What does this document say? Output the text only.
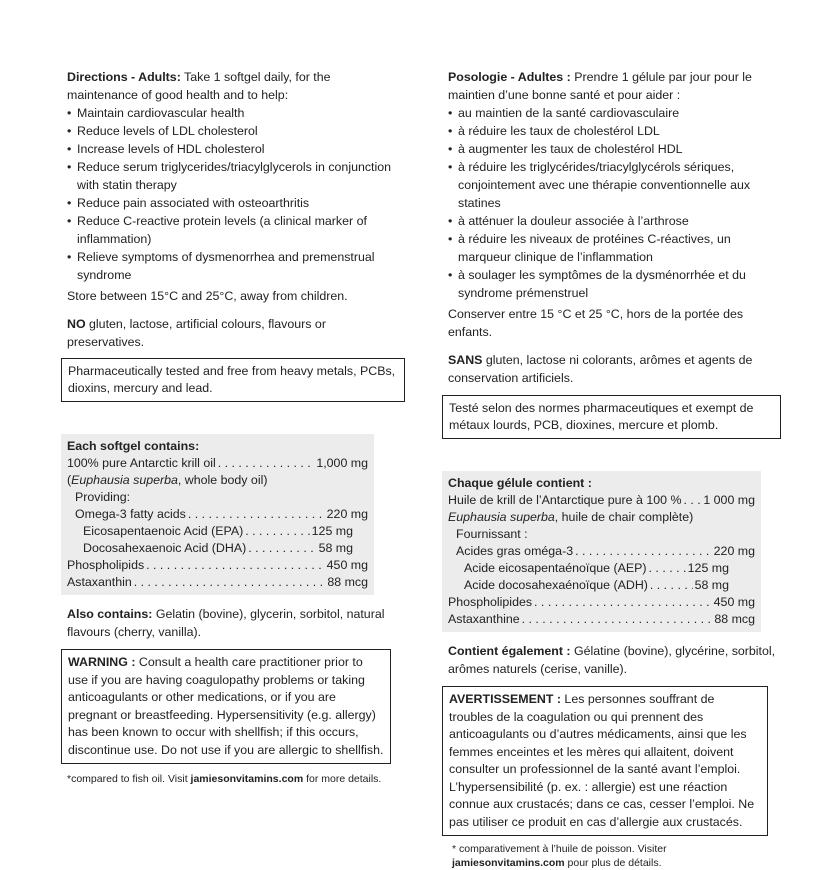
Directions - Adults: Take 1 softgel daily, for the maintenance of good health and to help:

• Maintain cardiovascular health
• Reduce levels of LDL cholesterol
• Increase levels of HDL cholesterol
• Reduce serum triglycerides/triacylglycerols in conjunction with statin therapy
• Reduce pain associated with osteoarthritis
• Reduce C-reactive protein levels (a clinical marker of inflammation)
• Relieve symptoms of dysmenorrhea and premenstrual syndrome

Store between 15°C and 25°C, away from children.

NO gluten, lactose, artificial colours, flavours or preservatives.

Pharmaceutically tested and free from heavy metals, PCBs, dioxins, mercury and lead.
Each softgel contains:
100% pure Antarctic krill oil . . .	1,000 mg
(Euphausia superba, whole body oil)
Providing:
Omega-3 fatty acids . . .	220 mg
Eicosapentaenoic Acid (EPA) . . .	125 mg
Docosahexaenoic Acid (DHA) . . .	58 mg
Phospholipids . . .	450 mg
Astaxanthin . . .	88 mcg

Also contains: Gelatin (bovine), glycerin, sorbitol, natural flavours (cherry, vanilla).

WARNING : Consult a health care practitioner prior to use if you are having coagulopathy problems or taking anticoagulants or other medications, or if you are pregnant or breastfeeding. Hypersensitivity (e.g. allergy) has been known to occur with shellfish; if this occurs, discontinue use. Do not use if you are allergic to shellfish.

*compared to fish oil. Visit jamiesonvitamins.com for more details.

Posologie - Adultes : Prendre 1 gélule par jour pour le maintien d’une bonne santé et pour aider :

• au maintien de la santé cardiovasculaire
• à réduire les taux de cholestérol LDL
• à augmenter les taux de cholestérol HDL
• à réduire les triglycérides/triacylglycérols sériques, conjointement avec une thérapie conventionnelle aux statines
• à atténuer la douleur associée à l’arthrose
• à réduire les niveaux de protéines C-réactives, un marqueur clinique de l’inflammation
• à soulager les symptômes de la dysménorrhée et du syndrome prémenstruel

Conserver entre 15 °C et 25 °C, hors de la portée des enfants.

SANS gluten, lactose ni colorants, arômes et agents de conservation artificiels.

Testé selon des normes pharmaceutiques et exempt de métaux lourds, PCB, dioxines, mercure et plomb.
Chaque gélule contient :
Huile de krill de l’Antarctique pure à 100 % . . . 1 000 mg
Euphausia superba, huile de chair complète)
Fournissant :
Acides gras oméga-3 . . .	220 mg
Acide eicosapentaénoïque (AEP) . . .	125 mg
Acide docosahexaénoïque (ADH) . . .	58 mg
Phospholipides . . .	450 mg
Astaxanthine . . .	88 mcg

Contient également : Gélatine (bovine), glycérine, sorbitol, arômes naturels (cerise, vanille).

AVERTISSEMENT : Les personnes souffrant de troubles de la coagulation ou qui prennent des anticoagulants ou d’autres médicaments, ainsi que les femmes enceintes et les mères qui allaitent, doivent consulter un professionnel de la santé avant l’emploi. L’hypersensibilité (p. ex. : allergie) est une réaction connue aux crustacés; dans ce cas, cesser l’emploi. Ne pas utiliser ce produit en cas d’allergie aux crustacés.

* comparativement à l’huile de poisson. Visiter jamiesonvitamins.com pour plus de détails.
